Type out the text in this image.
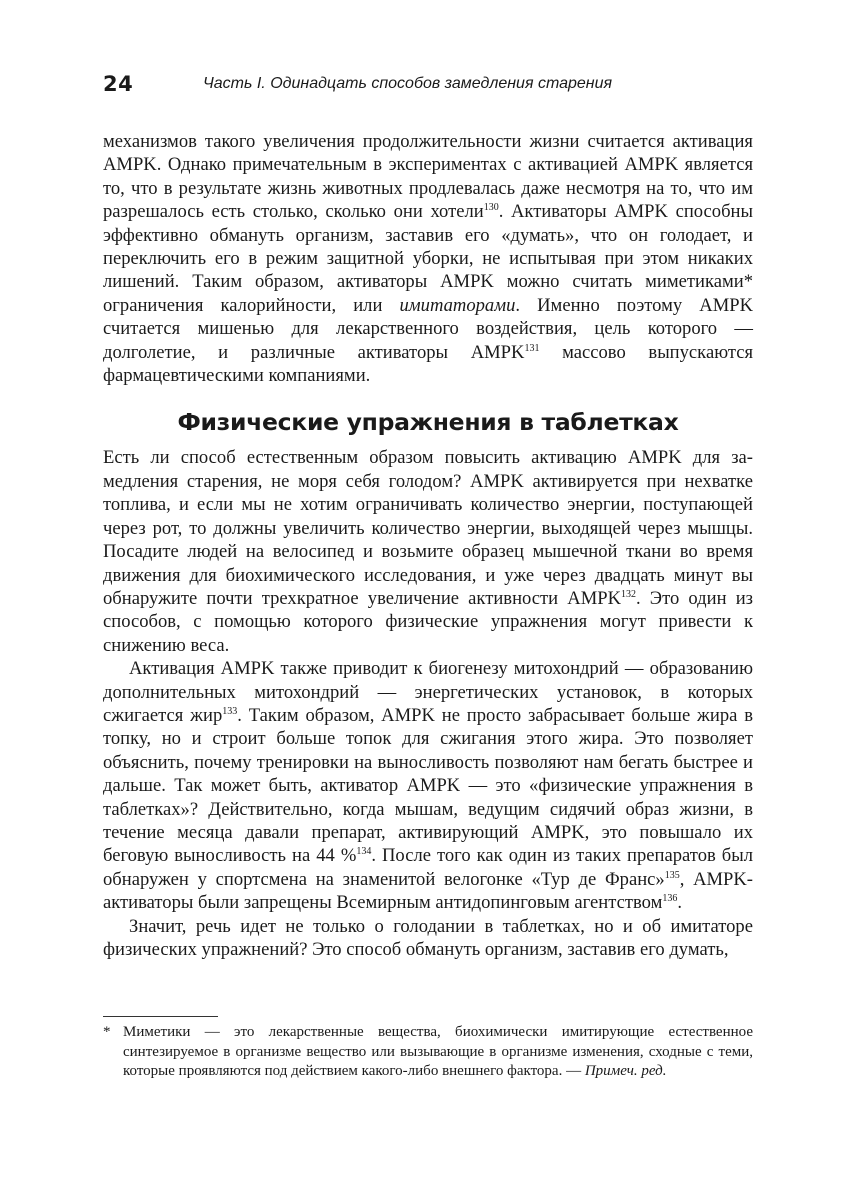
24	Часть I. Одинадцать способов замедления старения

механизмов такого увеличения продолжительности жизни считается активация AMPK. Однако примечательным в экспериментах с активацией AMPK является то, что в результате жизнь животных продлевалась даже несмотря на то, что им разрешалось есть столько, сколько они хотели$^{130}$. Активаторы AMPK способны эффективно обмануть организм, заставив его «думать», что он голодает, и переключить его в режим защитной уборки, не испытывая при этом никаких лишений. Таким образом, активаторы AMPK можно считать миметиками* ограничения калорийности, или имитаторами. Именно поэтому AMPK считается мишенью для лекарственного воздействия, цель которого — долголетие, и различные активаторы AMPK$^{131}$ массово выпускаются фармацевтическими компаниями.

Физические упражнения в таблетках

Есть ли способ естественным образом повысить активацию AMPK для замедления старения, не моря себя голодом? AMPK активируется при нехватке топлива, и если мы не хотим ограничивать количество энергии, поступающей через рот, то должны увеличить количество энергии, выходящей через мышцы. Посадите людей на велосипед и возьмите образец мышечной ткани во время движения для биохимического исследования, и уже через двадцать минут вы обнаружите почти трехкратное увеличение активности AMPK$^{132}$. Это один из способов, с помощью которого физические упражнения могут привести к снижению веса.

Активация AMPK также приводит к биогенезу митохондрий — образованию дополнительных митохондрий — энергетических установок, в которых сжигается жир$^{133}$. Таким образом, AMPK не просто забрасывает больше жира в топку, но и строит больше топок для сжигания этого жира. Это позволяет объяснить, почему тренировки на выносливость позволяют нам бегать быстрее и дальше. Так может быть, активатор AMPK — это «физические упражнения в таблетках»? Действительно, когда мышам, ведущим сидячий образ жизни, в течение месяца давали препарат, активирующий AMPK, это повышало их беговую выносливость на 44 %$^{134}$. После того как один из таких препаратов был обнаружен у спортсмена на знаменитой велогонке «Тур де Франс»$^{135}$, AMPK-активаторы были запрещены Всемирным антидопинговым агентством$^{136}$.

Значит, речь идет не только о голодании в таблетках, но и об имитаторе физических упражнений? Это способ обмануть организм, заставив его думать,

* Миметики — это лекарственные вещества, биохимически имитирующие естественное синтезируемое в организме вещество или вызывающие в организме изменения, сходные с теми, которые проявляются под действием какого-либо внешнего фактора. — Примеч. ред.
